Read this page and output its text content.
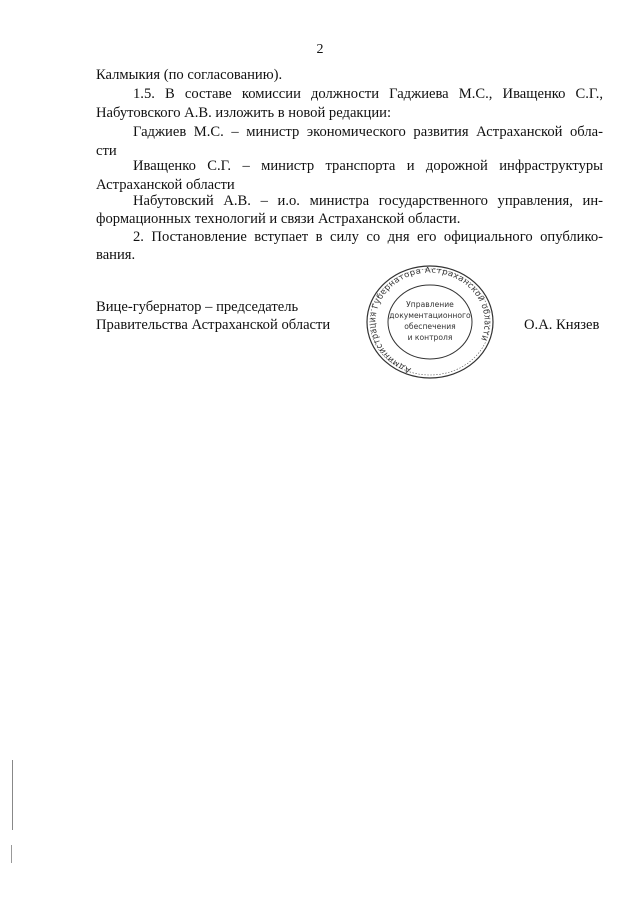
2
Калмыкия (по согласованию).
1.5. В составе комиссии должности Гаджиева М.С., Иващенко С.Г.,
Набутовского А.В. изложить в новой редакции:
Гаджиев М.С. – министр экономического развития Астраханской обла-
сти
Иващенко С.Г. – министр транспорта и дорожной инфраструктуры
Астраханской области
Набутовский А.В. – и.о. министра государственного управления, ин-
формационных технологий и связи Астраханской области.
2. Постановление вступает в силу со дня его официального опублико-
вания.
Вице-губернатор – председатель
Правительства Астраханской области	О.А. Князев
Администрация Губернатора Астраханской области
Управление
документационного
обеспечения
и контроля
